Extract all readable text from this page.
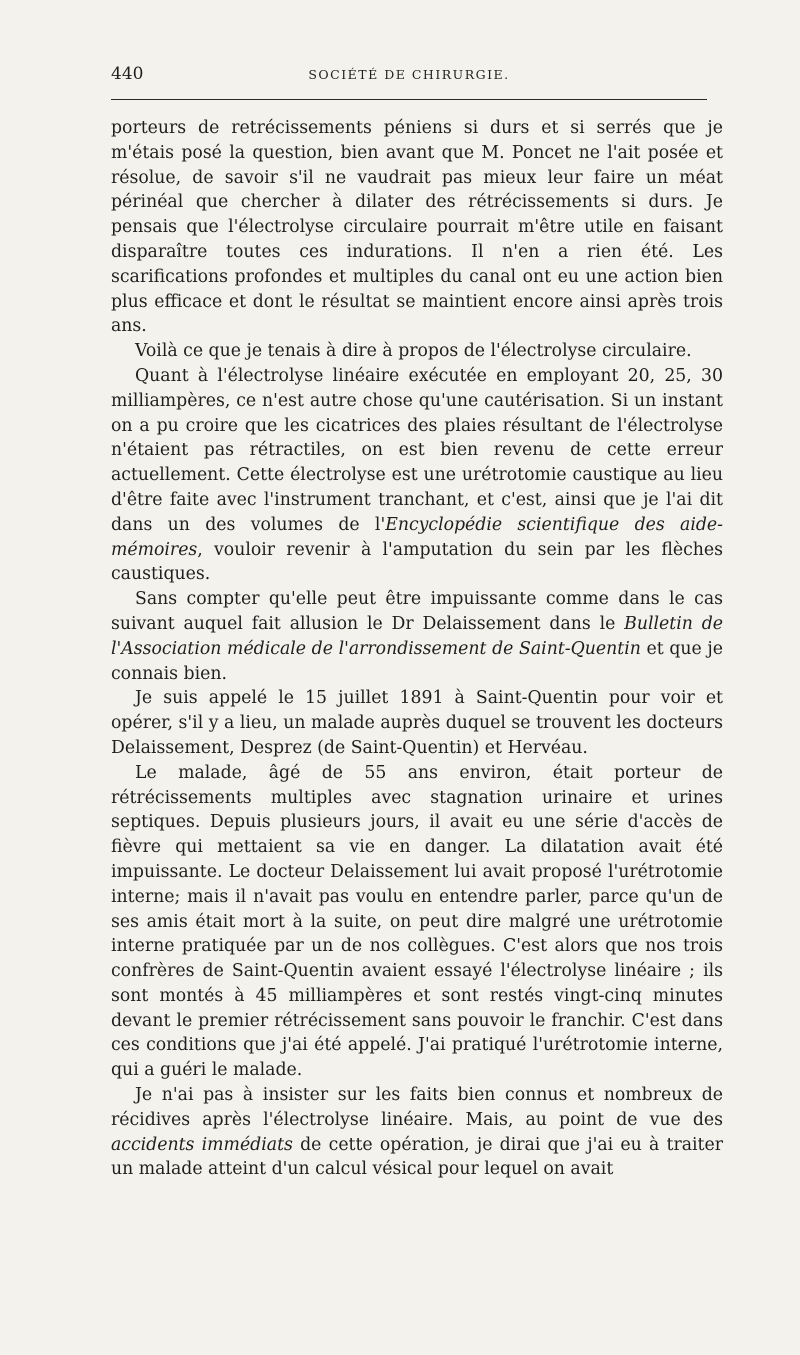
440	SOCIÉTÉ DE CHIRURGIE.

porteurs de retrécissements péniens si durs et si serrés que je m'étais posé la question, bien avant que M. Poncet ne l'ait posée et résolue, de savoir s'il ne vaudrait pas mieux leur faire un méat périnéal que chercher à dilater des rétrécissements si durs. Je pensais que l'électrolyse circulaire pourrait m'être utile en faisant disparaître toutes ces indurations. Il n'en a rien été. Les scarifications profondes et multiples du canal ont eu une action bien plus efficace et dont le résultat se maintient encore ainsi après trois ans.

Voilà ce que je tenais à dire à propos de l'électrolyse circulaire.

Quant à l'électrolyse linéaire exécutée en employant 20, 25, 30 milliampères, ce n'est autre chose qu'une cautérisation. Si un instant on a pu croire que les cicatrices des plaies résultant de l'électrolyse n'étaient pas rétractiles, on est bien revenu de cette erreur actuellement. Cette électrolyse est une urétrotomie caustique au lieu d'être faite avec l'instrument tranchant, et c'est, ainsi que je l'ai dit dans un des volumes de l'Encyclopédie scientifique des aide-mémoires, vouloir revenir à l'amputation du sein par les flèches caustiques.

Sans compter qu'elle peut être impuissante comme dans le cas suivant auquel fait allusion le Dr Delaissement dans le Bulletin de l'Association médicale de l'arrondissement de Saint-Quentin et que je connais bien.

Je suis appelé le 15 juillet 1891 à Saint-Quentin pour voir et opérer, s'il y a lieu, un malade auprès duquel se trouvent les docteurs Delaissement, Desprez (de Saint-Quentin) et Hervéau.

Le malade, âgé de 55 ans environ, était porteur de rétrécissements multiples avec stagnation urinaire et urines septiques. Depuis plusieurs jours, il avait eu une série d'accès de fièvre qui mettaient sa vie en danger. La dilatation avait été impuissante. Le docteur Delaissement lui avait proposé l'urétrotomie interne; mais il n'avait pas voulu en entendre parler, parce qu'un de ses amis était mort à la suite, on peut dire malgré une urétrotomie interne pratiquée par un de nos collègues. C'est alors que nos trois confrères de Saint-Quentin avaient essayé l'électrolyse linéaire ; ils sont montés à 45 milliampères et sont restés vingt-cinq minutes devant le premier rétrécissement sans pouvoir le franchir. C'est dans ces conditions que j'ai été appelé. J'ai pratiqué l'urétrotomie interne, qui a guéri le malade.

Je n'ai pas à insister sur les faits bien connus et nombreux de récidives après l'électrolyse linéaire. Mais, au point de vue des accidents immédiats de cette opération, je dirai que j'ai eu à traiter un malade atteint d'un calcul vésical pour lequel on avait
